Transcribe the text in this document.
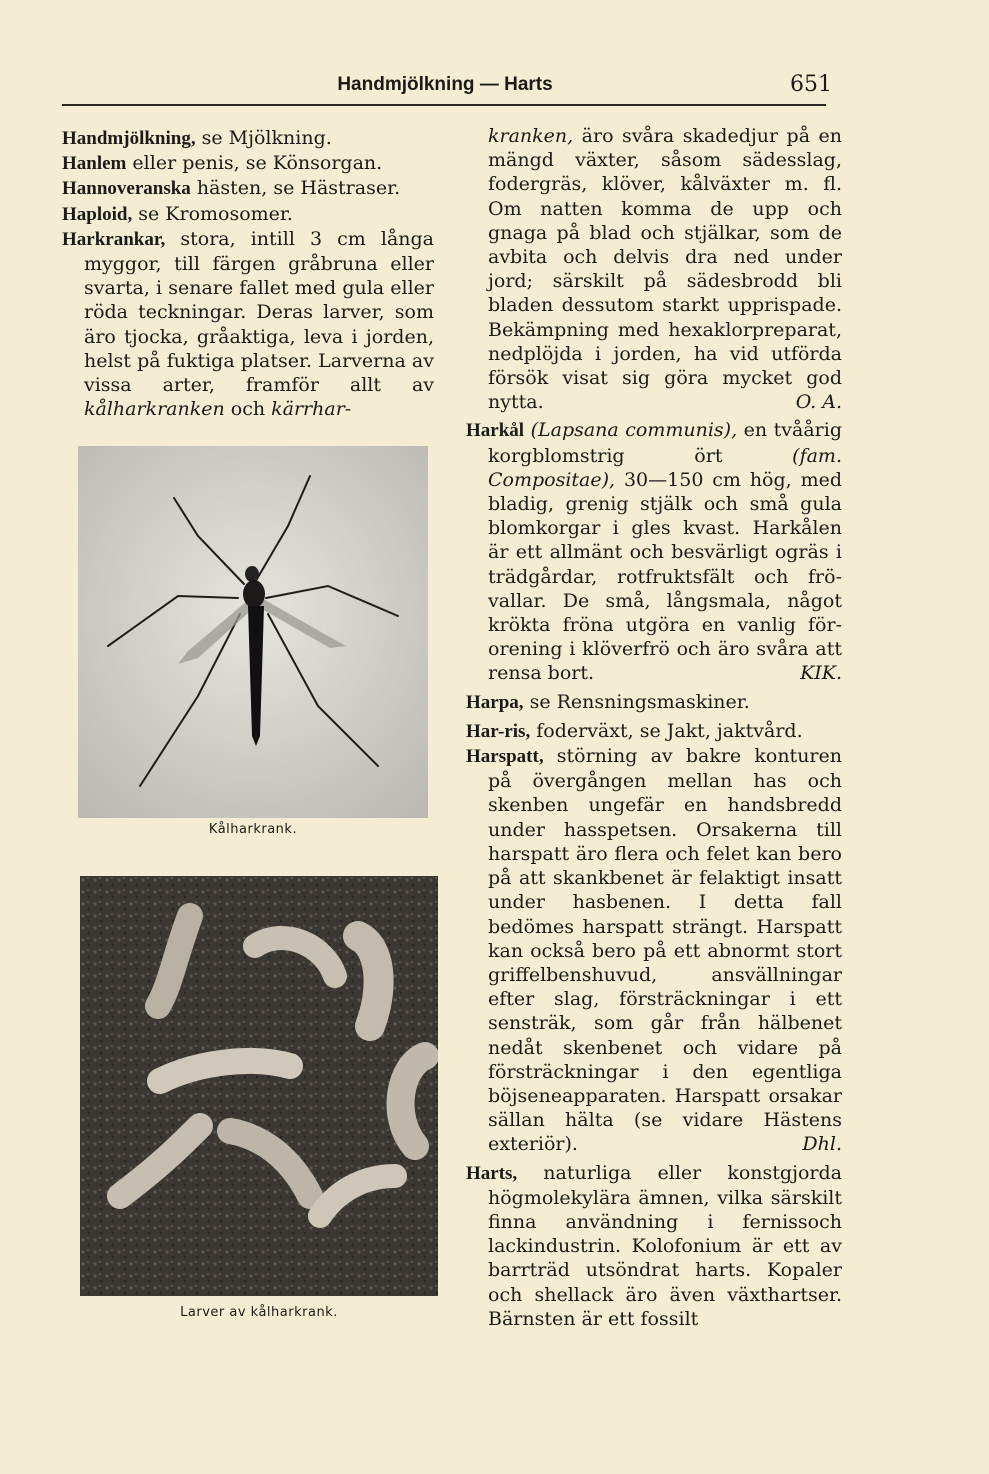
Handmjölkning — Harts	651

Handmjölkning, se Mjölkning.

Hanlem eller penis, se Könsorgan.

Hannoveranska hästen, se Hästraser.

Haploid, se Kromosomer.

Harkrankar, stora, intill 3 cm långa myggor, till färgen gråbruna eller svarta, i senare fallet med gula eller röda teckningar. Deras larver, som äro tjocka, gråaktiga, leva i jorden, helst på fuktiga platser. Larverna av vissa arter, framför allt av kålharkranken och kärrhar-

Kålharkrank.
Larver av kålharkrank.

kranken, äro svåra skadedjur på en mängd växter, såsom sädesslag, fodergräs, klöver, kålväxter m. fl. Om natten komma de upp och gnaga på blad och stjälkar, som de avbita och delvis dra ned under jord; särskilt på sädesbrodd bli bladen dessutom starkt upprispade. Bekämpning med hexaklorpreparat, nedplöjda i jorden, ha vid utförda försök visat sig göra mycket god nytta.	O. A.

Harkål (Lapsana communis), en tvåårig korgblomstrig ört (fam. Compositae), 30—150 cm hög, med bladig, grenig stjälk och små gula blomkorgar i gles kvast. Harkålen är ett allmänt och besvärligt ogräs i trädgårdar, rotfruktsfält och frövallar. De små, långsmala, något krökta fröna utgöra en vanlig förorening i klöverfrö och äro svåra att rensa bort.	KIK.

Harpa, se Rensningsmaskiner.

Har-ris, foderväxt, se Jakt, jaktvård.

Harspatt, störning av bakre konturen på övergången mellan has och skenben ungefär en handsbredd under hasspetsen. Orsakerna till harspatt äro flera och felet kan bero på att skankbenet är felaktigt insatt under hasbenen. I detta fall bedömes harspatt strängt. Harspatt kan också bero på ett abnormt stort griffelbenshuvud, ansvällningar efter slag, försträckningar i ett sensträk, som går från hälbenet nedåt skenbenet och vidare på försträckningar i den egentliga böjseneapparaten. Harspatt orsakar sällan hälta (se vidare Hästens exteriör).	Dhl.

Harts, naturliga eller konstgjorda högmolekylära ämnen, vilka särskilt finna användning i fernissoch lackindustrin. Kolofonium är ett av barrträd utsöndrat harts. Kopaler och shellack äro även växthartser. Bärnsten är ett fossilt
